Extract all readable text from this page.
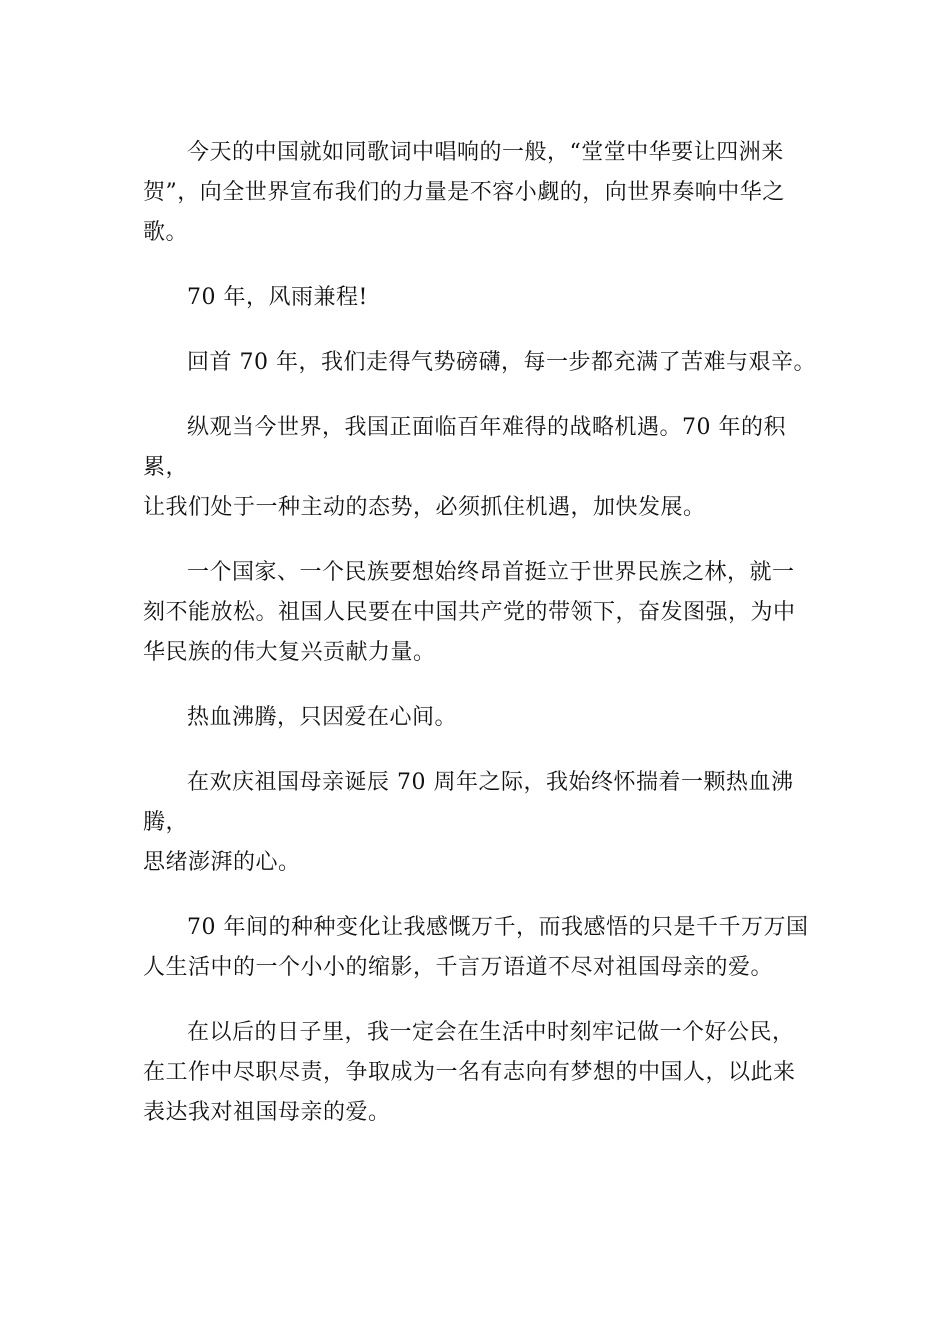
今天的中国就如同歌词中唱响的一般，“堂堂中华要让四洲来
贺”，向全世界宣布我们的力量是不容小觑的，向世界奏响中华之
歌。

70 年，风雨兼程!

回首 70 年，我们走得气势磅礴，每一步都充满了苦难与艰辛。

纵观当今世界，我国正面临百年难得的战略机遇。70 年的积累，
让我们处于一种主动的态势，必须抓住机遇，加快发展。

一个国家、一个民族要想始终昂首挺立于世界民族之林，就一
刻不能放松。祖国人民要在中国共产党的带领下，奋发图强，为中
华民族的伟大复兴贡献力量。

热血沸腾，只因爱在心间。

在欢庆祖国母亲诞辰 70 周年之际，我始终怀揣着一颗热血沸腾，
思绪澎湃的心。

70 年间的种种变化让我感慨万千，而我感悟的只是千千万万国
人生活中的一个小小的缩影，千言万语道不尽对祖国母亲的爱。

在以后的日子里，我一定会在生活中时刻牢记做一个好公民，
在工作中尽职尽责，争取成为一名有志向有梦想的中国人，以此来
表达我对祖国母亲的爱。
